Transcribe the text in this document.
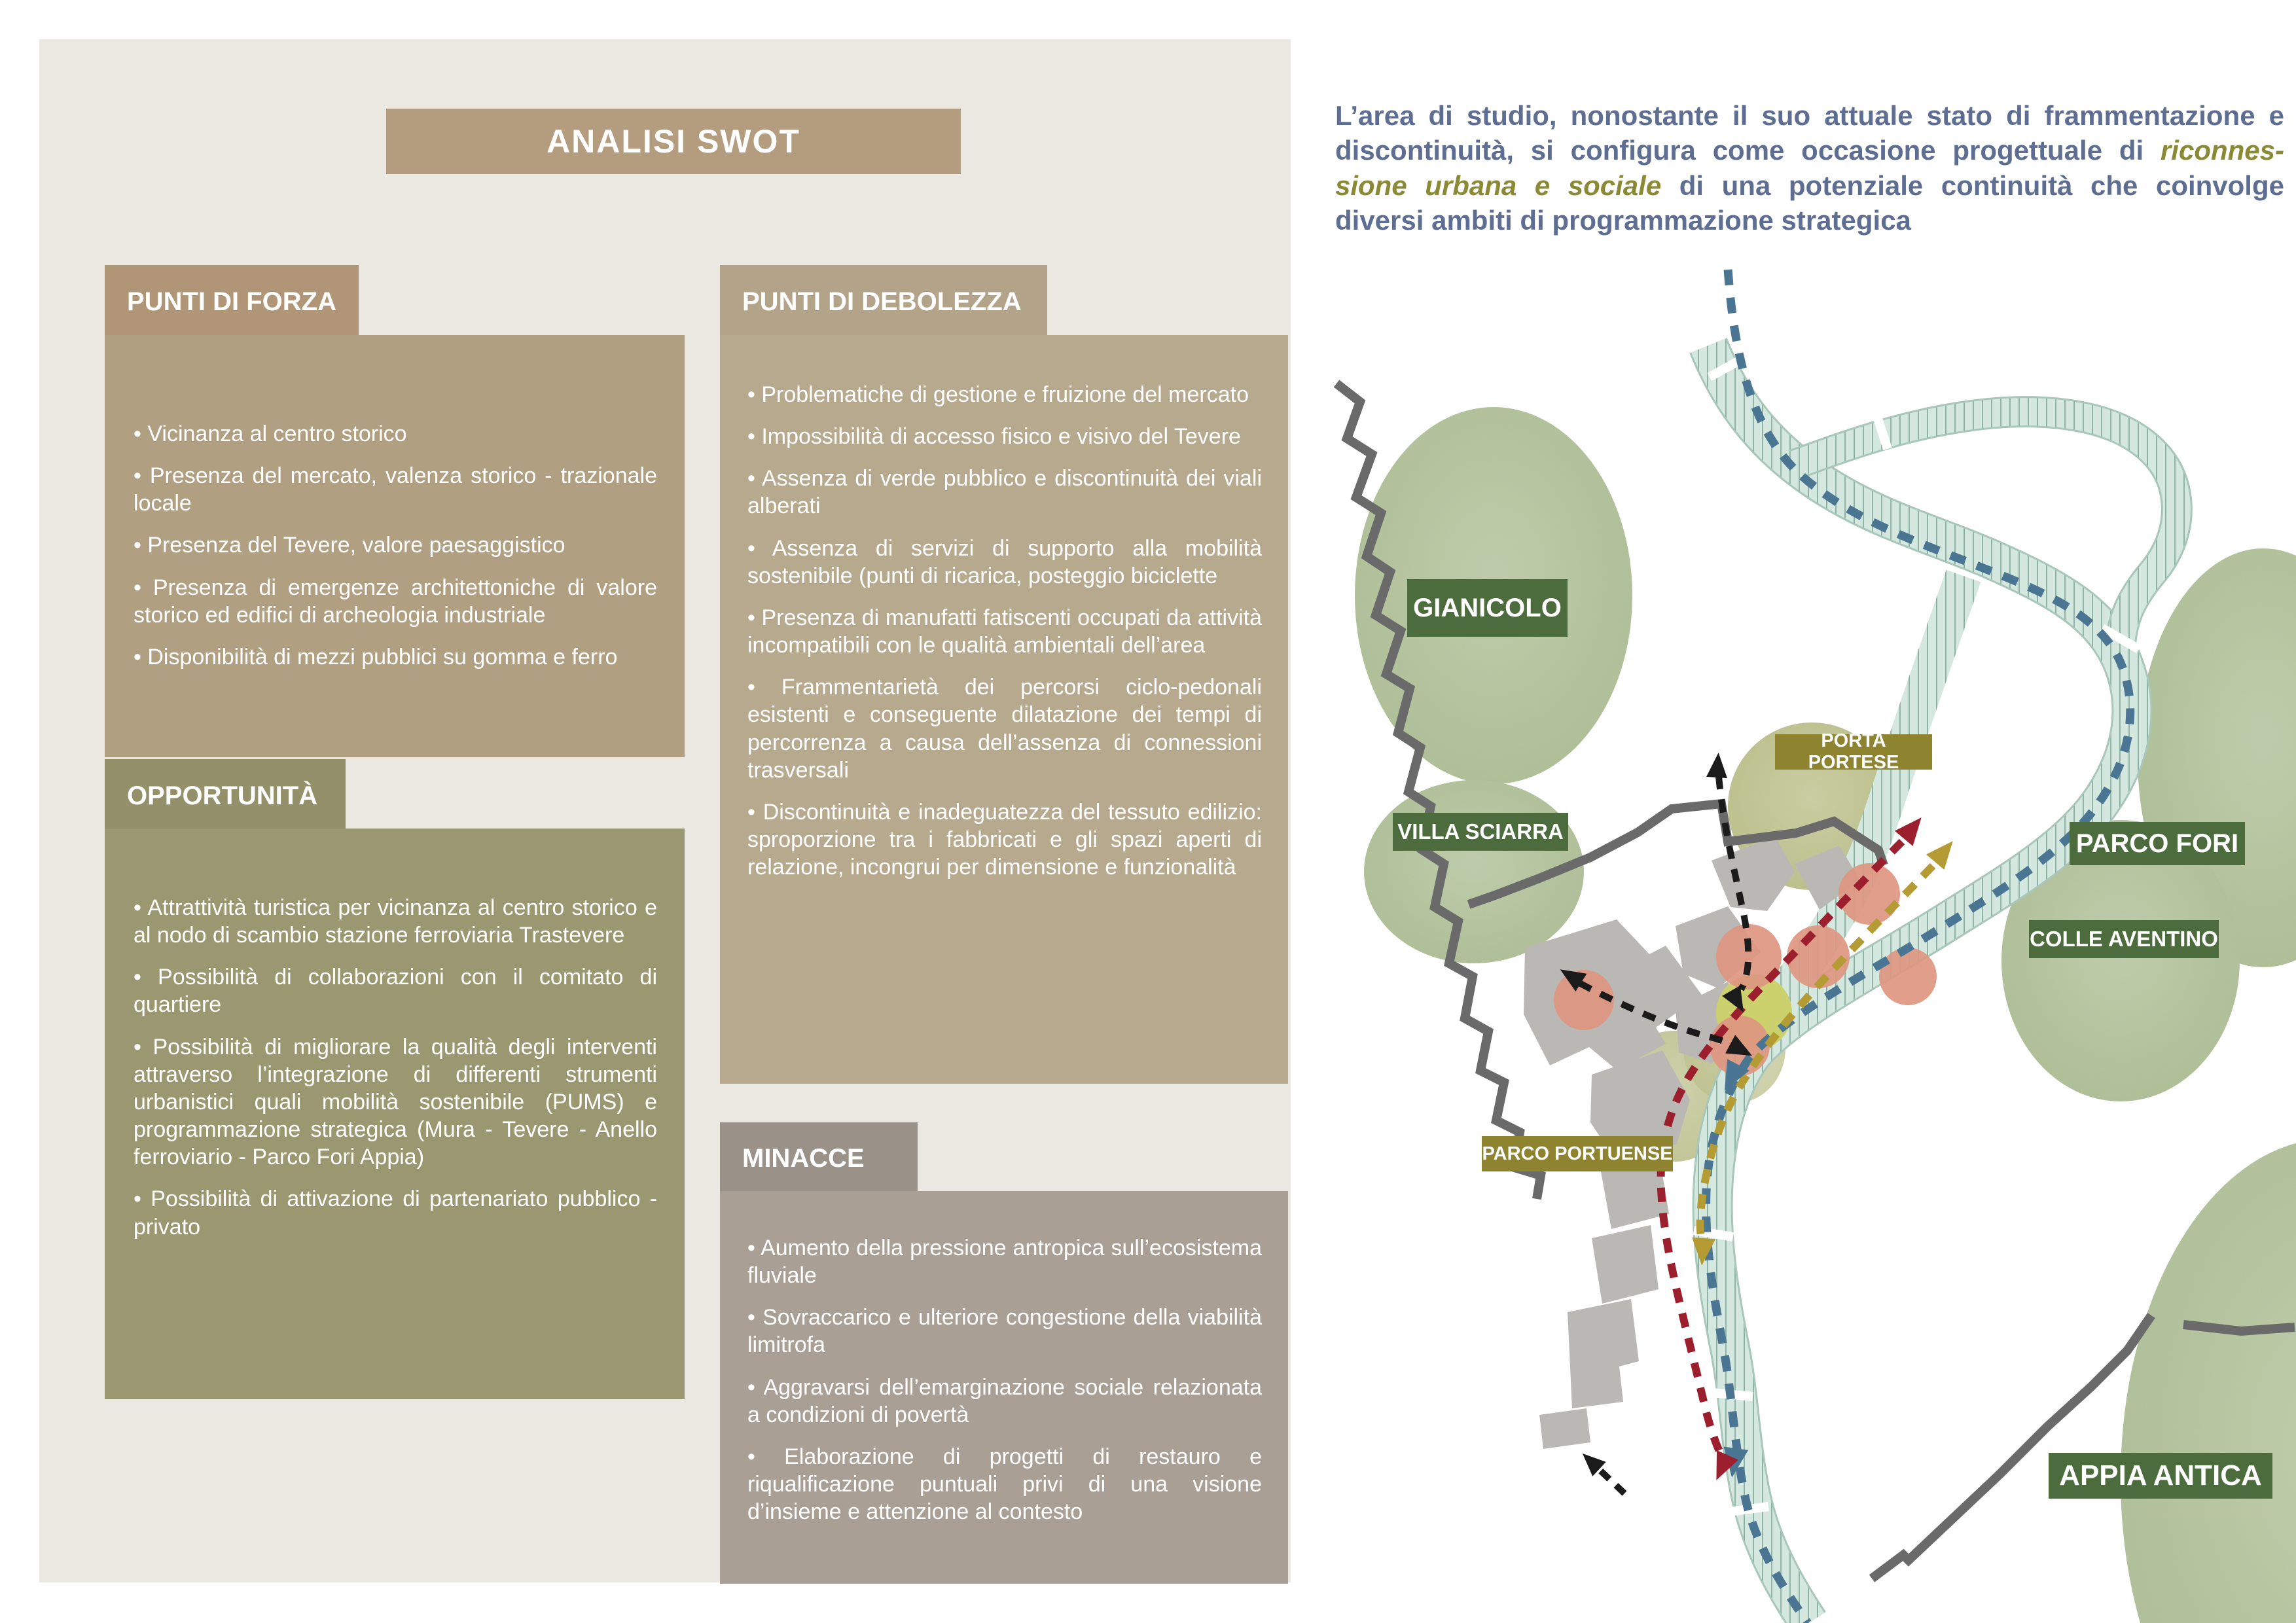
ANALISI SWOT
PUNTI DI FORZA

• Vicinanza al centro storico

• Presenza del mercato, valenza storico - trazionale locale

• Presenza del Tevere, valore paesaggistico

• Presenza di emergenze architettoniche di valore storico ed edifici di archeologia industriale

• Disponibilità di mezzi pubblici su gomma e ferro

PUNTI DI DEBOLEZZA

• Problematiche di gestione e fruizione del mercato

• Impossibilità di accesso fisico e visivo del Tevere

• Assenza di verde pubblico e discontinuità dei viali alberati

• Assenza di servizi di supporto alla mobilità sostenibile (punti di ricarica, posteggio biciclette

• Presenza di manufatti fatiscenti occupati da attività incompatibili con le qualità ambientali dell’area

• Frammentarietà dei percorsi ciclo-pedonali esistenti e conseguente dilatazione dei tempi di percorrenza a causa dell’assenza di connessioni trasversali

• Discontinuità e inadeguatezza del tessuto edilizio: sproporzione tra i fabbricati e gli spazi aperti di relazione, incongrui per dimensione e funzionalità

OPPORTUNITÀ

• Attrattività turistica per vicinanza al centro storico e al nodo di scambio stazione ferroviaria Trastevere

• Possibilità di collaborazioni con il comitato di quartiere

• Possibilità di migliorare la qualità degli interventi attraverso l’integrazione di differenti strumenti urbanistici quali mobilità sostenibile (PUMS) e programmazione strategica (Mura - Tevere - Anello ferroviario - Parco Fori Appia)

• Possibilità di attivazione di partenariato pubblico - privato

MINACCE

• Aumento della pressione antropica sull’ecosistema fluviale

• Sovraccarico e ulteriore congestione della viabilità limitrofa

• Aggravarsi dell’emarginazione sociale relazionata a condizioni di povertà

• Elaborazione di progetti di restauro e riqualificazione puntuali privi di una visione d’insieme e attenzione al contesto

L’area di studio, nonostante il suo attuale stato di frammentazione e
discontinuità, si configura come occasione progettuale di riconnes-
sione urbana e sociale di una potenziale continuità che coinvolge
diversi ambiti di programmazione strategica
GIANICOLO
VILLA SCIARRA
PORTA PORTESE
PARCO FORI
COLLE AVENTINO
PARCO PORTUENSE
APPIA ANTICA
